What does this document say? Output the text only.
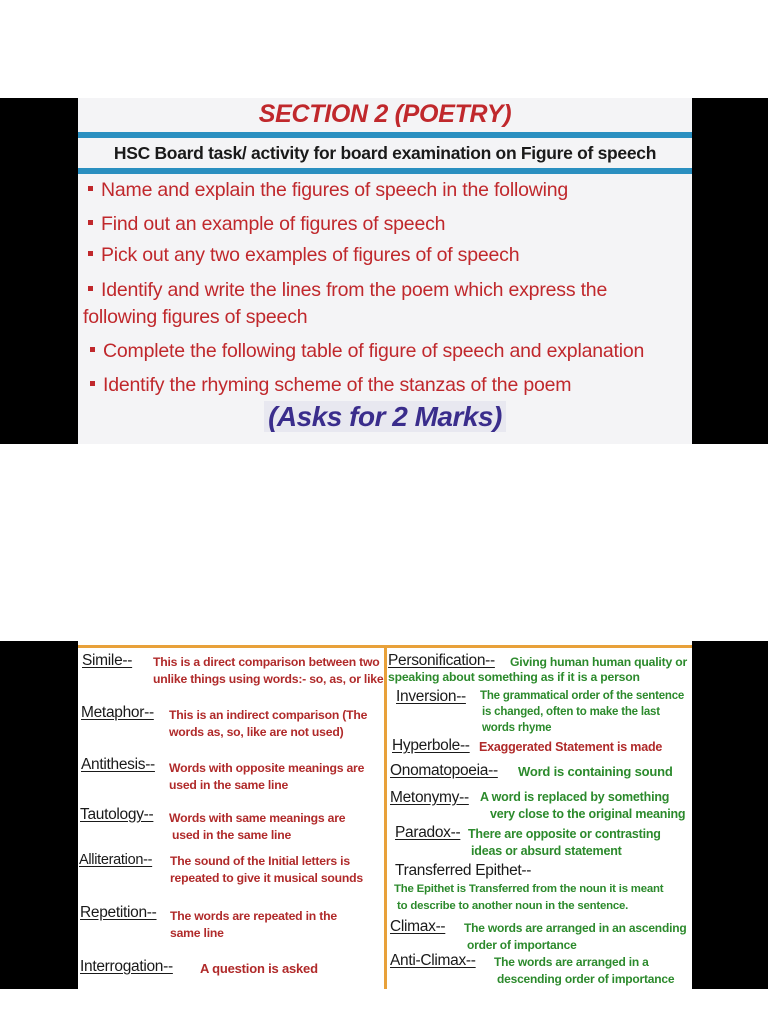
SECTION 2 (POETRY)
HSC Board task/ activity for board examination on Figure of speech
Name and explain the figures of speech in the following
Find out an example of figures of speech
Pick out any two examples of figures of of speech
Identify and write the lines from the poem which express the
following figures of speech
Complete the following table of figure of speech and explanation
Identify the rhyming scheme of the stanzas of the poem
(Asks for 2 Marks)
Simile-- This is a direct comparison between two
unlike things using words:- so, as, or like
Metaphor-- This is an indirect comparison (The
words as, so, like are not used)
Antithesis-- Words with opposite meanings are
used in the same line
Tautology-- Words with same meanings are
used in the same line
Alliteration-- The sound of the Initial letters is
repeated to give it musical sounds
Repetition-- The words are repeated in the
same line
Interrogation-- A question is asked
Personification-- Giving human human quality or
speaking about something as if it is a person
Inversion-- The grammatical order of the sentence
is changed, often to make the last
words rhyme
Hyperbole-- Exaggerated Statement is made
Onomatopoeia-- Word is containing sound
Metonymy-- A word is replaced by something
very close to the original meaning
Paradox-- There are opposite or contrasting
ideas or absurd statement
Transferred Epithet--
The Epithet is Transferred from the noun it is meant
to describe to another noun in the sentence.
Climax-- The words are arranged in an ascending
order of importance
Anti-Climax-- The words are arranged in a
descending order of importance
